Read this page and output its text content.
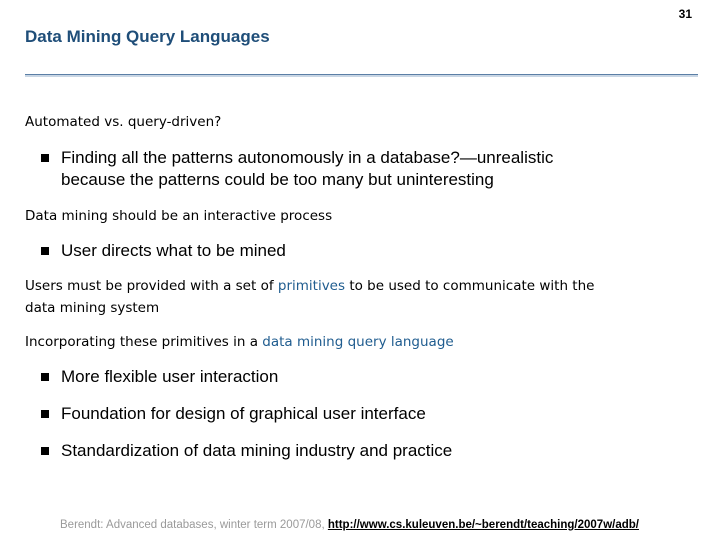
31
Data Mining Query Languages
Automated vs. query-driven?
Finding all the patterns autonomously in a database?—unrealistic
because the patterns could be too many but uninteresting
Data mining should be an interactive process
User directs what to be mined
Users must be provided with a set of primitives to be used to communicate with the
data mining system
Incorporating these primitives in a data mining query language
More flexible user interaction
Foundation for design of graphical user interface
Standardization of data mining industry and practice
Berendt: Advanced databases, winter term 2007/08, http://www.cs.kuleuven.be/~berendt/teaching/2007w/adb/
